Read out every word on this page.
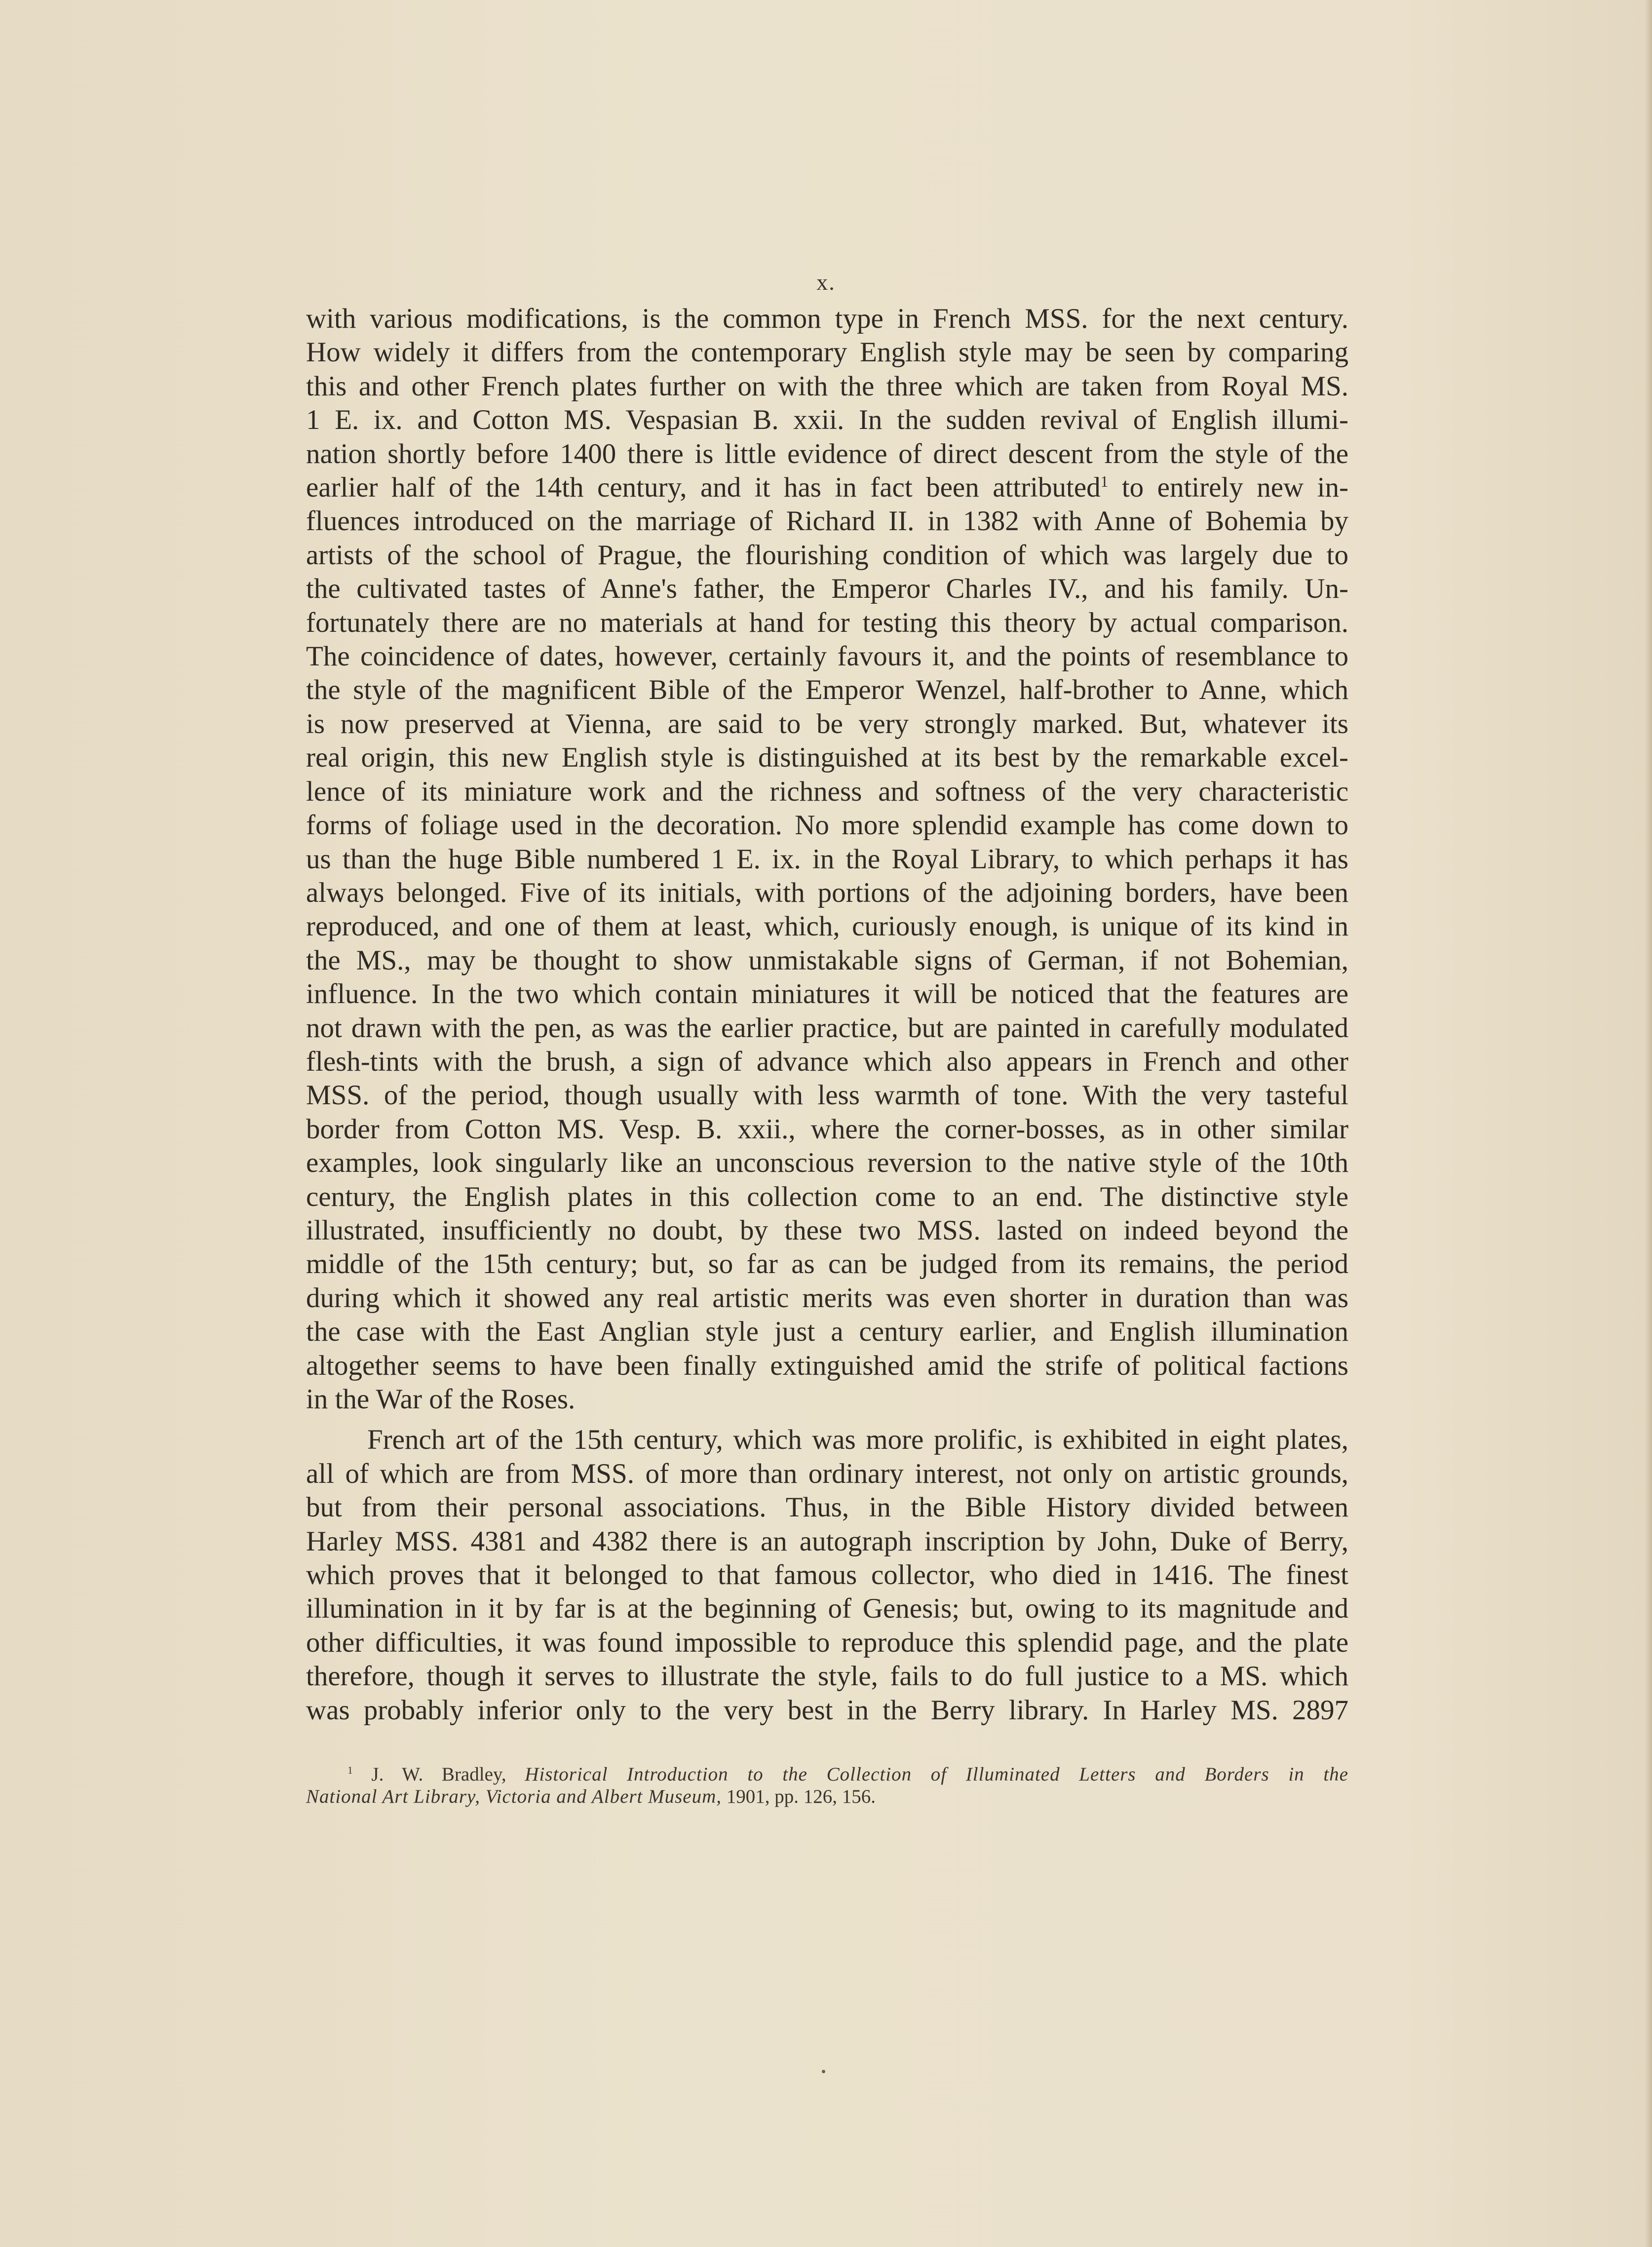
x.

with various modifications, is the common type in French MSS. for the next century.

How widely it differs from the contemporary English style may be seen by comparing

this and other French plates further on with the three which are taken from Royal MS.

1 E. ix. and Cotton MS. Vespasian B. xxii. In the sudden revival of English illumi-

nation shortly before 1400 there is little evidence of direct descent from the style of the

earlier half of the 14th century, and it has in fact been attributed$^1$ to entirely new in-

fluences introduced on the marriage of Richard II. in 1382 with Anne of Bohemia by

artists of the school of Prague, the flourishing condition of which was largely due to

the cultivated tastes of Anne's father, the Emperor Charles IV., and his family. Un-

fortunately there are no materials at hand for testing this theory by actual comparison.

The coincidence of dates, however, certainly favours it, and the points of resemblance to

the style of the magnificent Bible of the Emperor Wenzel, half-brother to Anne, which

is now preserved at Vienna, are said to be very strongly marked. But, whatever its

real origin, this new English style is distinguished at its best by the remarkable excel-

lence of its miniature work and the richness and softness of the very characteristic

forms of foliage used in the decoration. No more splendid example has come down to

us than the huge Bible numbered 1 E. ix. in the Royal Library, to which perhaps it has

always belonged. Five of its initials, with portions of the adjoining borders, have been

reproduced, and one of them at least, which, curiously enough, is unique of its kind in

the MS., may be thought to show unmistakable signs of German, if not Bohemian,

influence. In the two which contain miniatures it will be noticed that the features are

not drawn with the pen, as was the earlier practice, but are painted in carefully modulated

flesh-tints with the brush, a sign of advance which also appears in French and other

MSS. of the period, though usually with less warmth of tone. With the very tasteful

border from Cotton MS. Vesp. B. xxii., where the corner-bosses, as in other similar

examples, look singularly like an unconscious reversion to the native style of the 10th

century, the English plates in this collection come to an end. The distinctive style

illustrated, insufficiently no doubt, by these two MSS. lasted on indeed beyond the

middle of the 15th century; but, so far as can be judged from its remains, the period

during which it showed any real artistic merits was even shorter in duration than was

the case with the East Anglian style just a century earlier, and English illumination

altogether seems to have been finally extinguished amid the strife of political factions

in the War of the Roses.

French art of the 15th century, which was more prolific, is exhibited in eight plates,

all of which are from MSS. of more than ordinary interest, not only on artistic grounds,

but from their personal associations. Thus, in the Bible History divided between

Harley MSS. 4381 and 4382 there is an autograph inscription by John, Duke of Berry,

which proves that it belonged to that famous collector, who died in 1416. The finest

illumination in it by far is at the beginning of Genesis; but, owing to its magnitude and

other difficulties, it was found impossible to reproduce this splendid page, and the plate

therefore, though it serves to illustrate the style, fails to do full justice to a MS. which

was probably inferior only to the very best in the Berry library. In Harley MS. 2897

$^1$ J. W. Bradley, Historical Introduction to the Collection of Illuminated Letters and Borders in the
National Art Library, Victoria and Albert Museum, 1901, pp. 126, 156.
